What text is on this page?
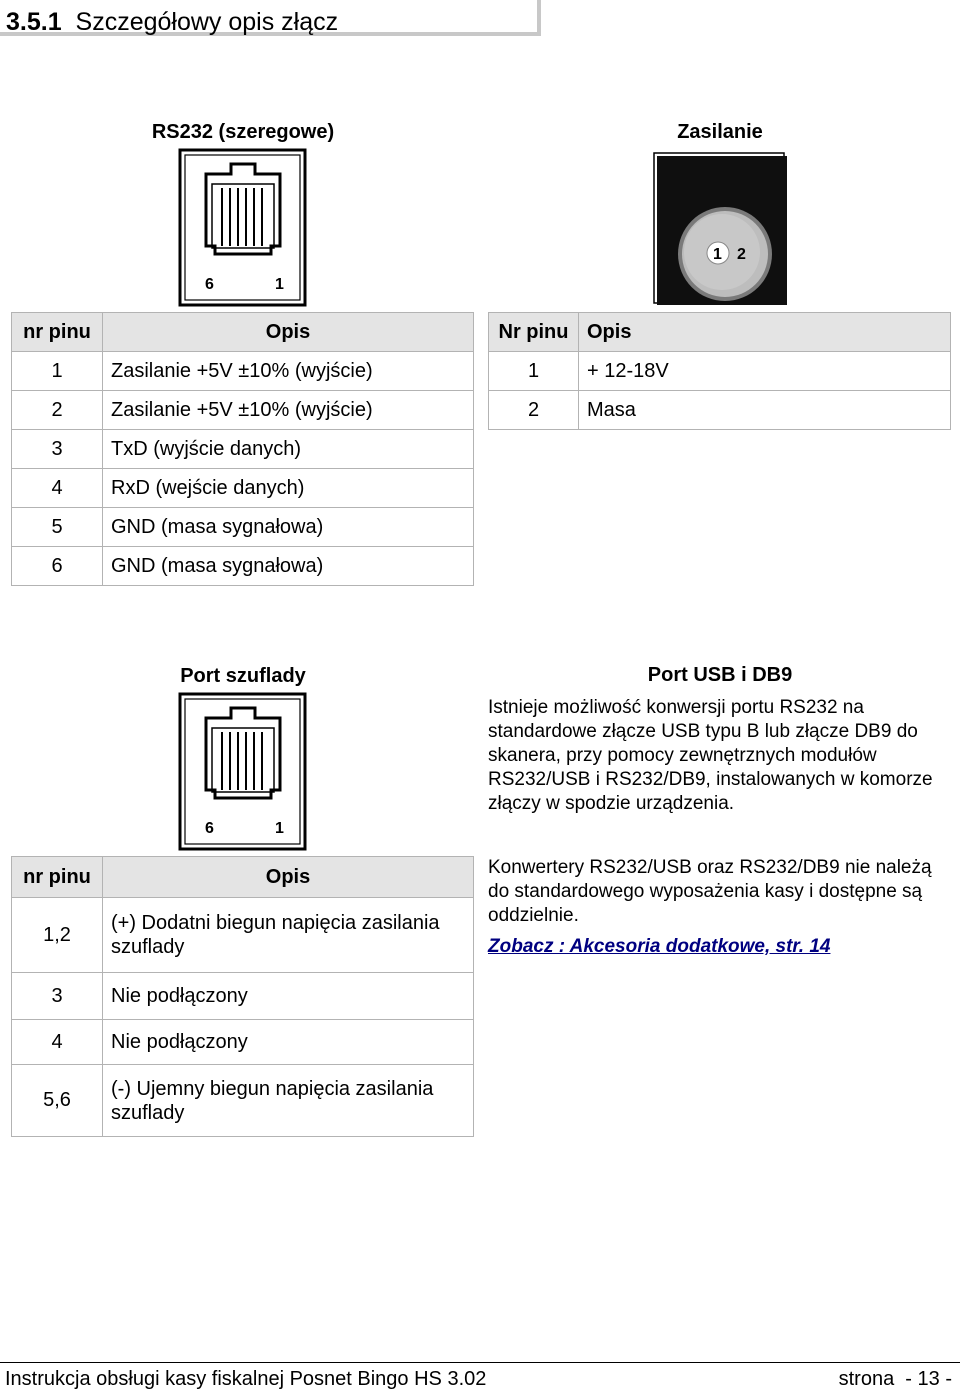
3.5.1 Szczegółowy opis złącz
RS232 (szeregowe)
6	1
Zasilanie
1 2
nr pinu	Opis
1	Zasilanie +5V ±10% (wyjście)
2	Zasilanie +5V ±10% (wyjście)
3	TxD (wyjście danych)
4	RxD (wejście danych)
5	GND (masa sygnałowa)
6	GND (masa sygnałowa)
Nr pinu	Opis
1	+ 12-18V
2	Masa
Port szuflady
6	1
nr pinu	Opis
1,2	(+) Dodatni biegun napięcia zasilania szuflady
3	Nie podłączony
4	Nie podłączony
5,6	(-) Ujemny biegun napięcia zasilania szuflady
Port USB i DB9
Istnieje możliwość konwersji portu RS232 na standardowe złącze USB typu B lub złącze DB9 do skanera, przy pomocy zewnętrznych modułów RS232/USB i RS232/DB9, instalowanych w komorze złączy w spodzie urządzenia.
Konwertery RS232/USB oraz RS232/DB9 nie należą do standardowego wyposażenia kasy i dostępne są oddzielnie.
Zobacz : Akcesoria dodatkowe, str. 14
Instrukcja obsługi kasy fiskalnej Posnet Bingo HS 3.02	strona  - 13 -
